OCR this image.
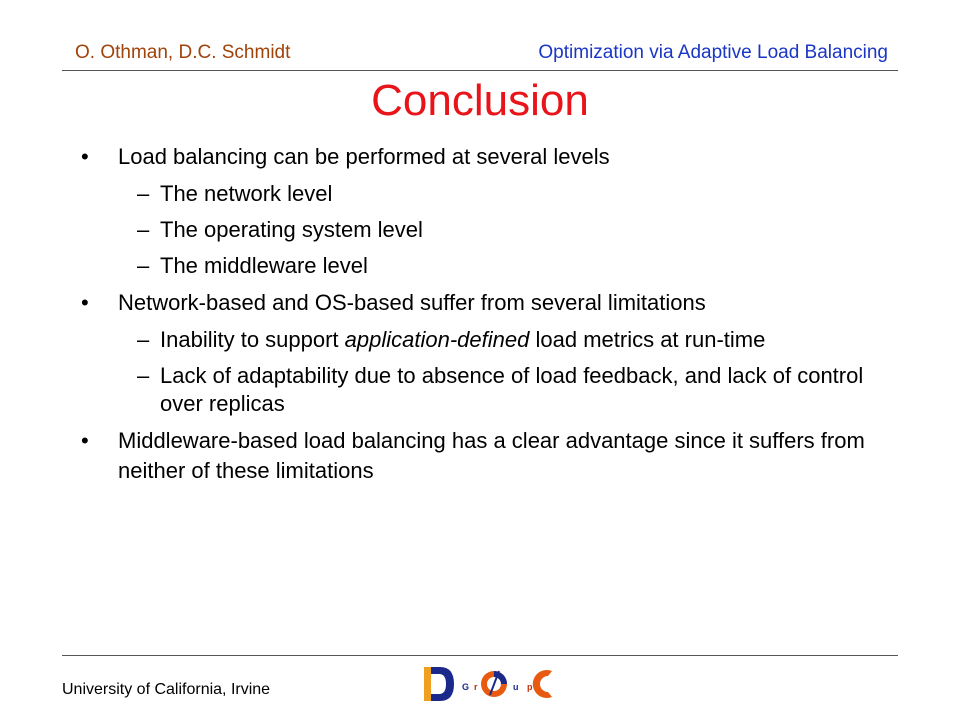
O. Othman, D.C. Schmidt	Optimization via Adaptive Load Balancing
Conclusion
• Load balancing can be performed at several levels
– The network level
– The operating system level
– The middleware level
• Network-based and OS-based suffer from several limitations
– Inability to support application-defined load metrics at run-time
– Lack of adaptability due to absence of load feedback, and lack of control over replicas
• Middleware-based load balancing has a clear advantage since it suffers from neither of these limitations
University of California, Irvine	G r	u p
